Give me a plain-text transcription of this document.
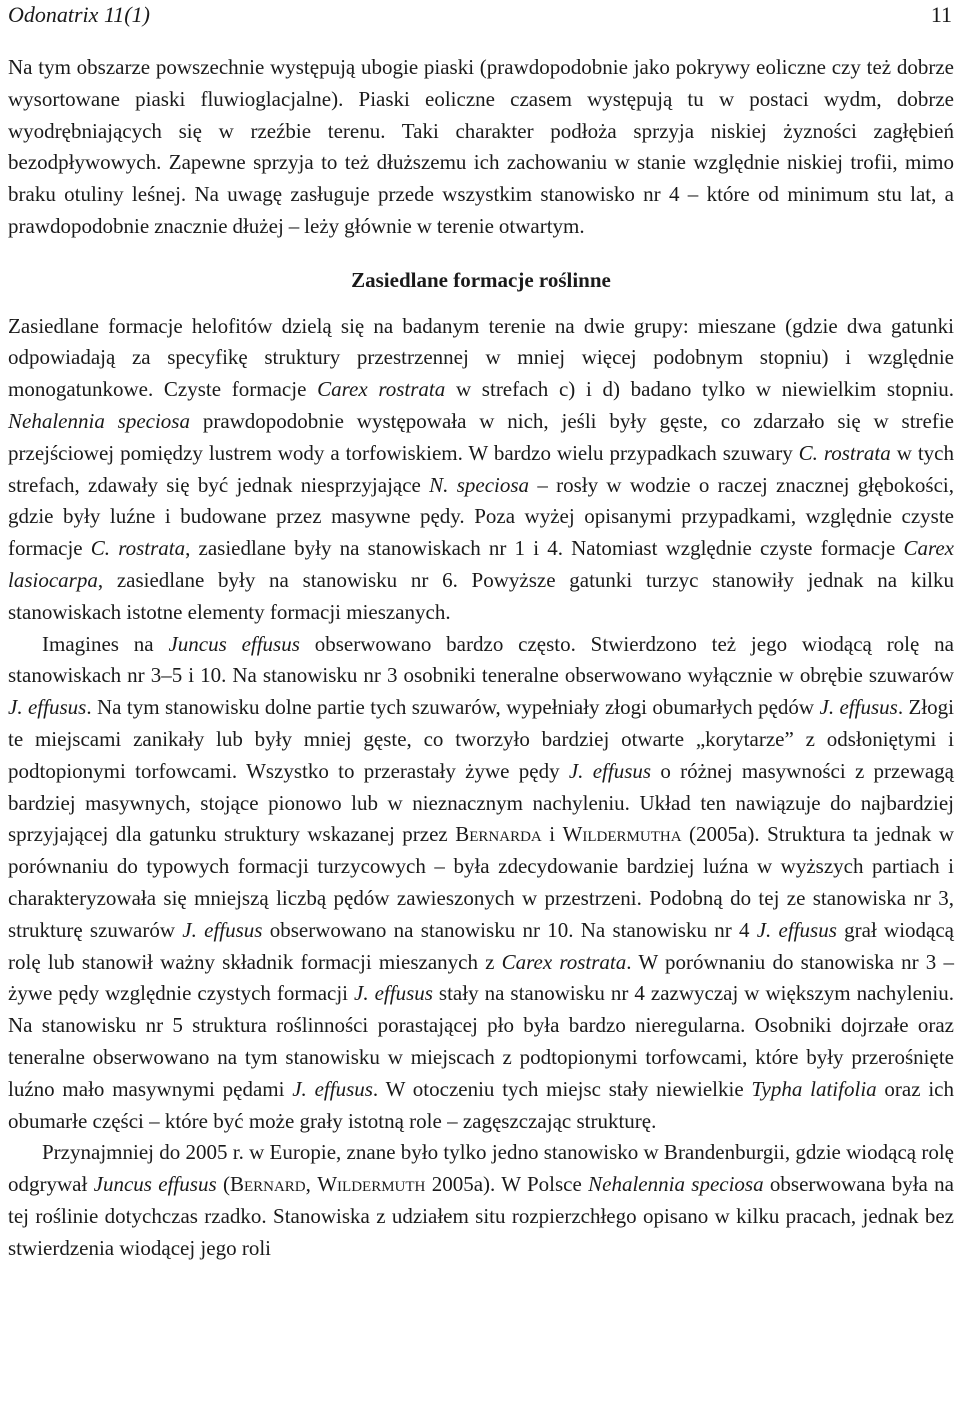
Odonatrix 11(1)	11

Na tym obszarze powszechnie występują ubogie piaski (prawdopodobnie jako pokrywy eoliczne czy też dobrze wysortowane piaski fluwioglacjalne). Piaski eoliczne czasem występują tu w postaci wydm, dobrze wyodrębniających się w rzeźbie terenu. Taki charakter podłoża sprzyja niskiej żyzności zagłębień bezodpływowych. Zapewne sprzyja to też dłuższemu ich zachowaniu w stanie względnie niskiej trofii, mimo braku otuliny leśnej. Na uwagę zasługuje przede wszystkim stanowisko nr 4 – które od minimum stu lat, a prawdopodobnie znacznie dłużej – leży głównie w terenie otwartym.

Zasiedlane formacje roślinne

Zasiedlane formacje helofitów dzielą się na badanym terenie na dwie grupy: mieszane (gdzie dwa gatunki odpowiadają za specyfikę struktury przestrzennej w mniej więcej podobnym stopniu) i względnie monogatunkowe. Czyste formacje Carex rostrata w strefach c) i d) badano tylko w niewielkim stopniu. Nehalennia speciosa prawdopodobnie występowała w nich, jeśli były gęste, co zdarzało się w strefie przejściowej pomiędzy lustrem wody a torfowiskiem. W bardzo wielu przypadkach szuwary C. rostrata w tych strefach, zdawały się być jednak niesprzyjające N. speciosa – rosły w wodzie o raczej znacznej głębokości, gdzie były luźne i budowane przez masywne pędy. Poza wyżej opisanymi przypadkami, względnie czyste formacje C. rostrata, zasiedlane były na stanowiskach nr 1 i 4. Natomiast względnie czyste formacje Carex lasiocarpa, zasiedlane były na stanowisku nr 6. Powyższe gatunki turzyc stanowiły jednak na kilku stanowiskach istotne elementy formacji mieszanych.

Imagines na Juncus effusus obserwowano bardzo często. Stwierdzono też jego wiodącą rolę na stanowiskach nr 3–5 i 10. Na stanowisku nr 3 osobniki teneralne obserwowano wyłącznie w obrębie szuwarów J. effusus. Na tym stanowisku dolne partie tych szuwarów, wypełniały złogi obumarłych pędów J. effusus. Złogi te miejscami zanikały lub były mniej gęste, co tworzyło bardziej otwarte „korytarze” z odsłoniętymi i podtopionymi torfowcami. Wszystko to przerastały żywe pędy J. effusus o różnej masywności z przewagą bardziej masywnych, stojące pionowo lub w nieznacznym nachyleniu. Układ ten nawiązuje do najbardziej sprzyjającej dla gatunku struktury wskazanej przez Bernarda i Wildermutha (2005a). Struktura ta jednak w porównaniu do typowych formacji turzycowych – była zdecydowanie bardziej luźna w wyższych partiach i charakteryzowała się mniejszą liczbą pędów zawieszonych w przestrzeni. Podobną do tej ze stanowiska nr 3, strukturę szuwarów J. effusus obserwowano na stanowisku nr 10. Na stanowisku nr 4 J. effusus grał wiodącą rolę lub stanowił ważny składnik formacji mieszanych z Carex rostrata. W porównaniu do stanowiska nr 3 – żywe pędy względnie czystych formacji J. effusus stały na stanowisku nr 4 zazwyczaj w większym nachyleniu. Na stanowisku nr 5 struktura roślinności porastającej pło była bardzo nieregularna. Osobniki dojrzałe oraz teneralne obserwowano na tym stanowisku w miejscach z podtopionymi torfowcami, które były przerośnięte luźno mało masywnymi pędami J. effusus. W otoczeniu tych miejsc stały niewielkie Typha latifolia oraz ich obumarłe części – które być może grały istotną role – zagęszczając strukturę.

Przynajmniej do 2005 r. w Europie, znane było tylko jedno stanowisko w Brandenburgii, gdzie wiodącą rolę odgrywał Juncus effusus (Bernard, Wildermuth 2005a). W Polsce Nehalennia speciosa obserwowana była na tej roślinie dotychczas rzadko. Stanowiska z udziałem situ rozpierzchłego opisano w kilku pracach, jednak bez stwierdzenia wiodącej jego roli
